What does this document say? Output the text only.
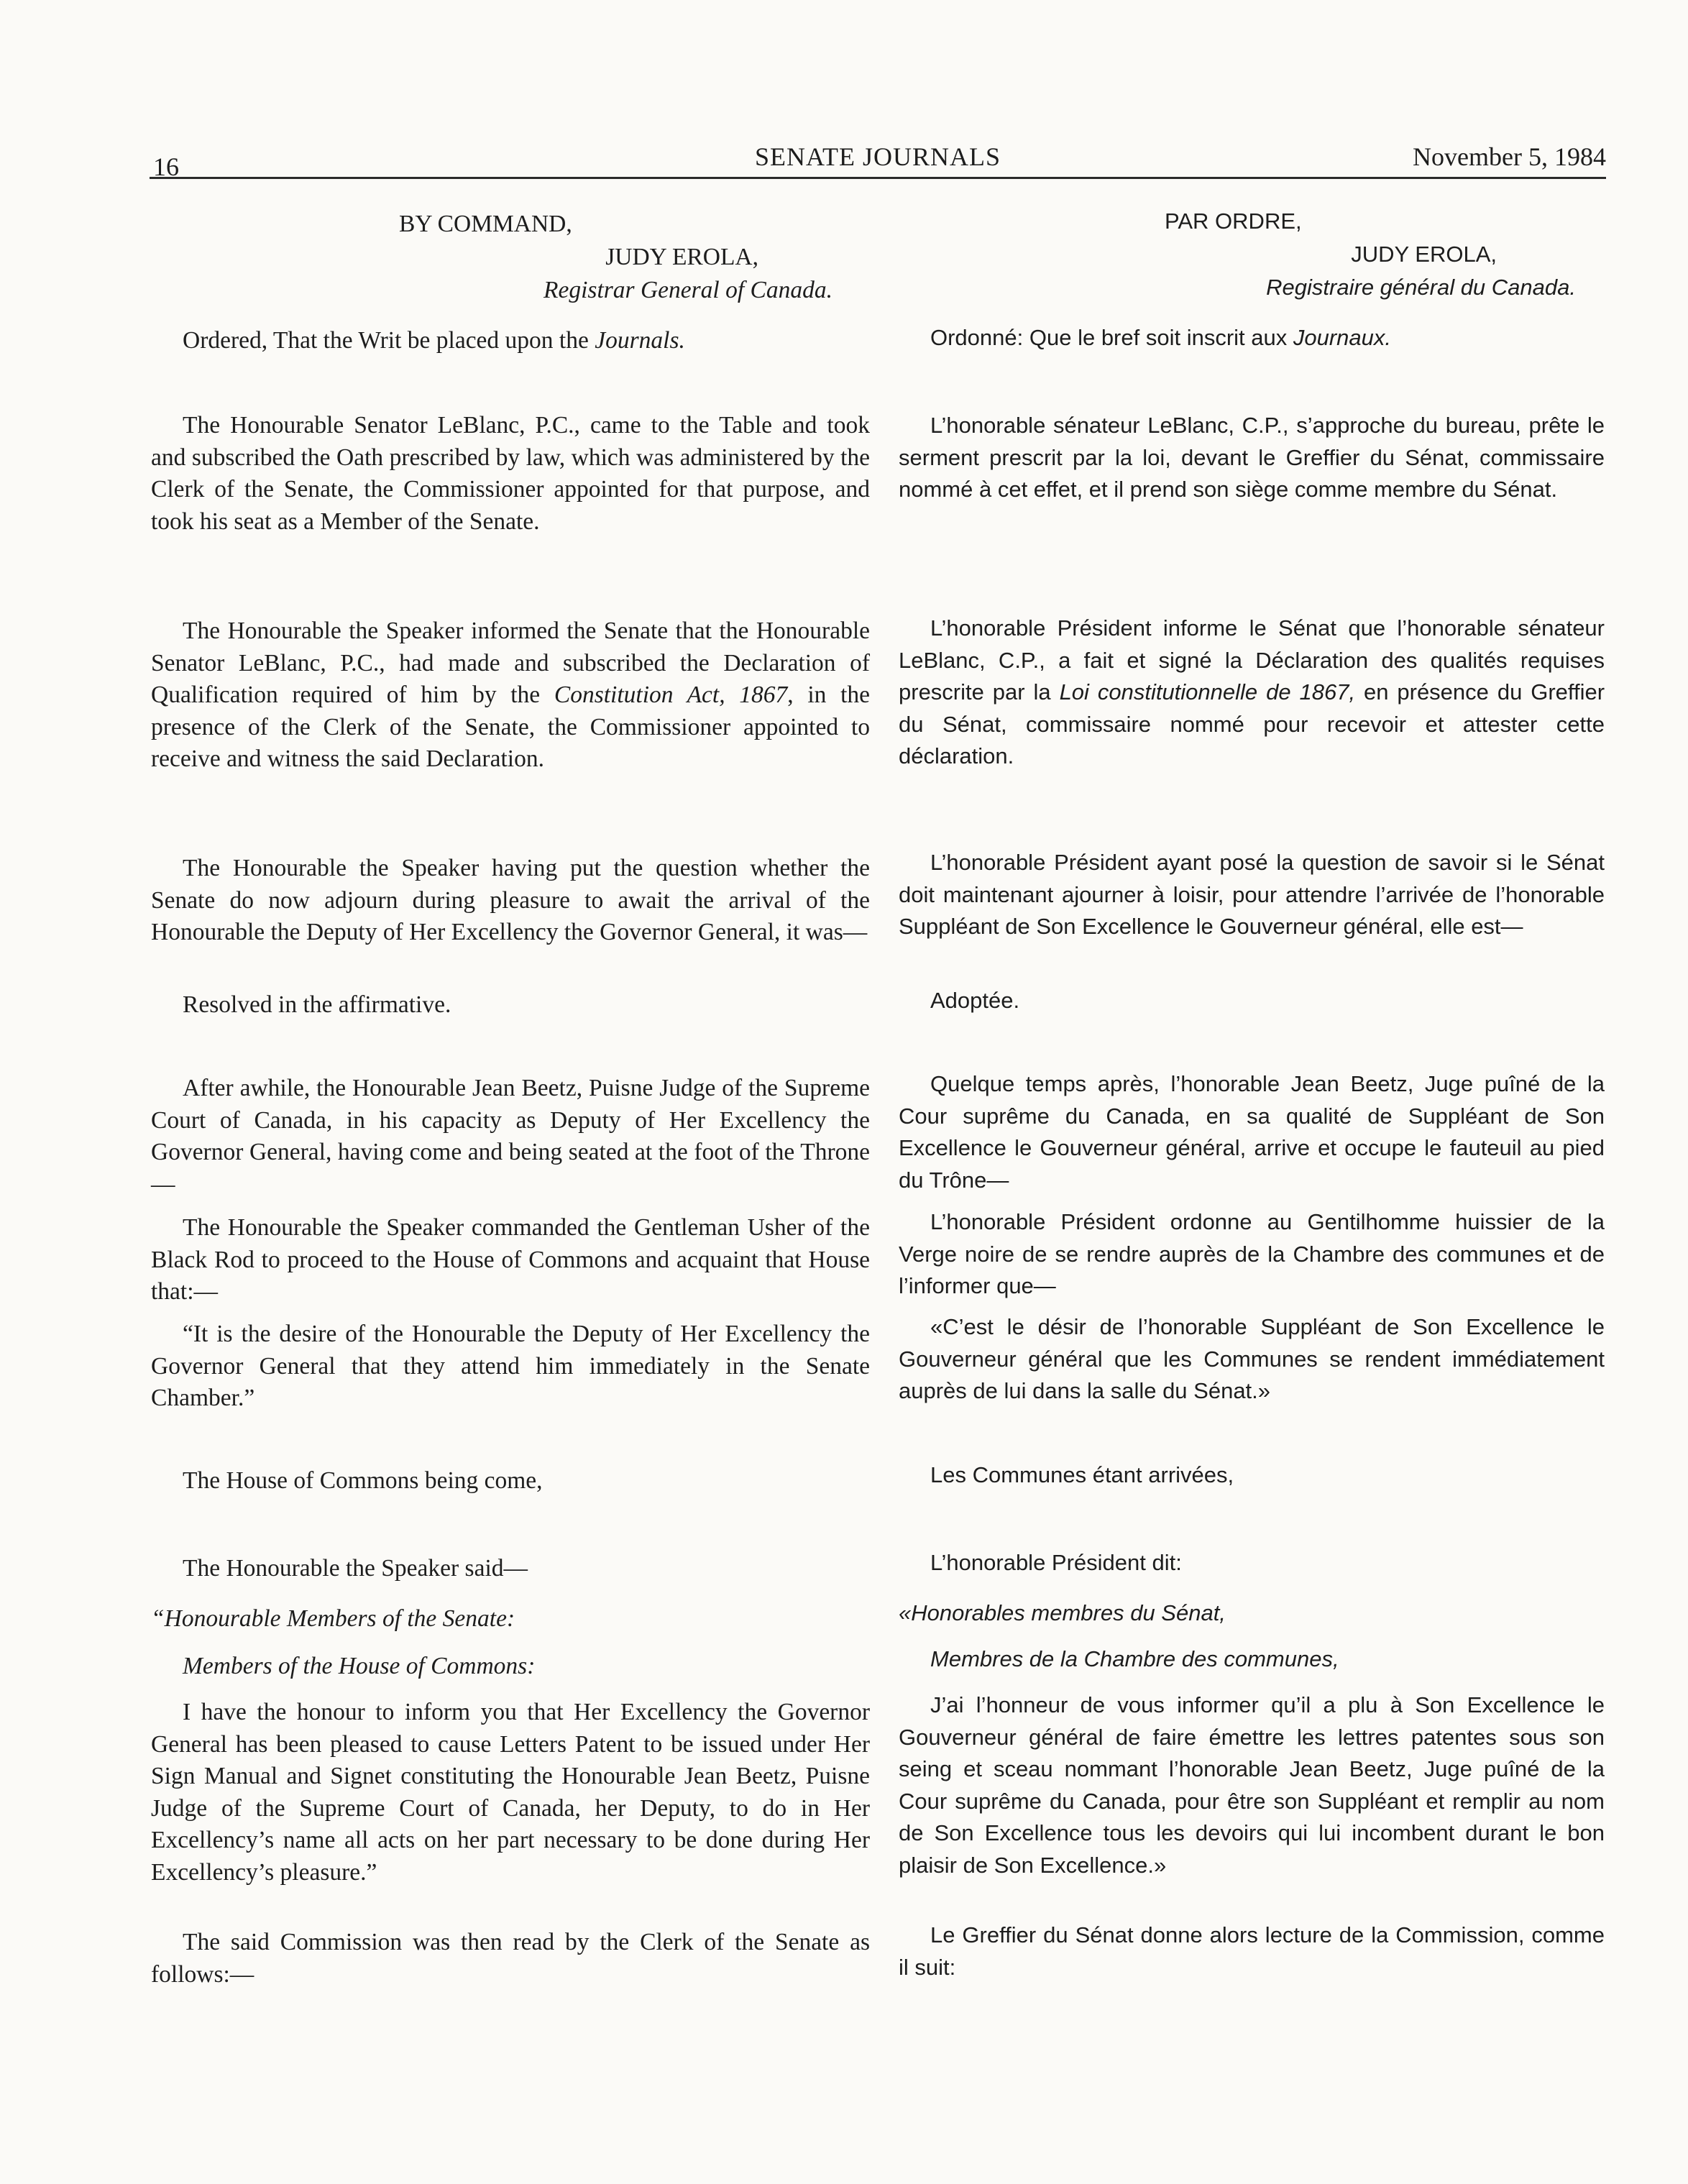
16	SENATE JOURNALS	November 5, 1984
BY COMMAND,
JUDY EROLA,
Registrar General of Canada.
Ordered, That the Writ be placed upon the Journals.
The Honourable Senator LeBlanc, P.C., came to the Table and took and subscribed the Oath prescribed by law, which was administered by the Clerk of the Senate, the Commissioner appointed for that purpose, and took his seat as a Member of the Senate.
The Honourable the Speaker informed the Senate that the Honourable Senator LeBlanc, P.C., had made and subscribed the Declaration of Qualification required of him by the Constitution Act, 1867, in the presence of the Clerk of the Senate, the Commissioner appointed to receive and witness the said Declaration.
The Honourable the Speaker having put the question whether the Senate do now adjourn during pleasure to await the arrival of the Honourable the Deputy of Her Excellency the Governor General, it was—
Resolved in the affirmative.
After awhile, the Honourable Jean Beetz, Puisne Judge of the Supreme Court of Canada, in his capacity as Deputy of Her Excellency the Governor General, having come and being seated at the foot of the Throne—
The Honourable the Speaker commanded the Gentleman Usher of the Black Rod to proceed to the House of Commons and acquaint that House that:—
“It is the desire of the Honourable the Deputy of Her Excellency the Governor General that they attend him immediately in the Senate Chamber.”
The House of Commons being come,
The Honourable the Speaker said—
“Honourable Members of the Senate:
Members of the House of Commons:
I have the honour to inform you that Her Excellency the Governor General has been pleased to cause Letters Patent to be issued under Her Sign Manual and Signet constituting the Honourable Jean Beetz, Puisne Judge of the Supreme Court of Canada, her Deputy, to do in Her Excellency’s name all acts on her part necessary to be done during Her Excellency’s pleasure.”
The said Commission was then read by the Clerk of the Senate as follows:—
PAR ORDRE,
JUDY EROLA,
Registraire général du Canada.
Ordonné: Que le bref soit inscrit aux Journaux.
L’honorable sénateur LeBlanc, C.P., s’approche du bureau, prête le serment prescrit par la loi, devant le Greffier du Sénat, commissaire nommé à cet effet, et il prend son siège comme membre du Sénat.
L’honorable Président informe le Sénat que l’honorable sénateur LeBlanc, C.P., a fait et signé la Déclaration des qualités requises prescrite par la Loi constitutionnelle de 1867, en présence du Greffier du Sénat, commissaire nommé pour recevoir et attester cette déclaration.
L’honorable Président ayant posé la question de savoir si le Sénat doit maintenant ajourner à loisir, pour attendre l’arrivée de l’honorable Suppléant de Son Excellence le Gouverneur général, elle est—
Adoptée.
Quelque temps après, l’honorable Jean Beetz, Juge puîné de la Cour suprême du Canada, en sa qualité de Suppléant de Son Excellence le Gouverneur général, arrive et occupe le fauteuil au pied du Trône—
L’honorable Président ordonne au Gentilhomme huissier de la Verge noire de se rendre auprès de la Chambre des communes et de l’informer que—
«C’est le désir de l’honorable Suppléant de Son Excellence le Gouverneur général que les Communes se rendent immédiatement auprès de lui dans la salle du Sénat.»
Les Communes étant arrivées,
L’honorable Président dit:
«Honorables membres du Sénat,
Membres de la Chambre des communes,
J’ai l’honneur de vous informer qu’il a plu à Son Excellence le Gouverneur général de faire émettre les lettres patentes sous son seing et sceau nommant l’honorable Jean Beetz, Juge puîné de la Cour suprême du Canada, pour être son Suppléant et remplir au nom de Son Excellence tous les devoirs qui lui incombent durant le bon plaisir de Son Excellence.»
Le Greffier du Sénat donne alors lecture de la Commission, comme il suit:
